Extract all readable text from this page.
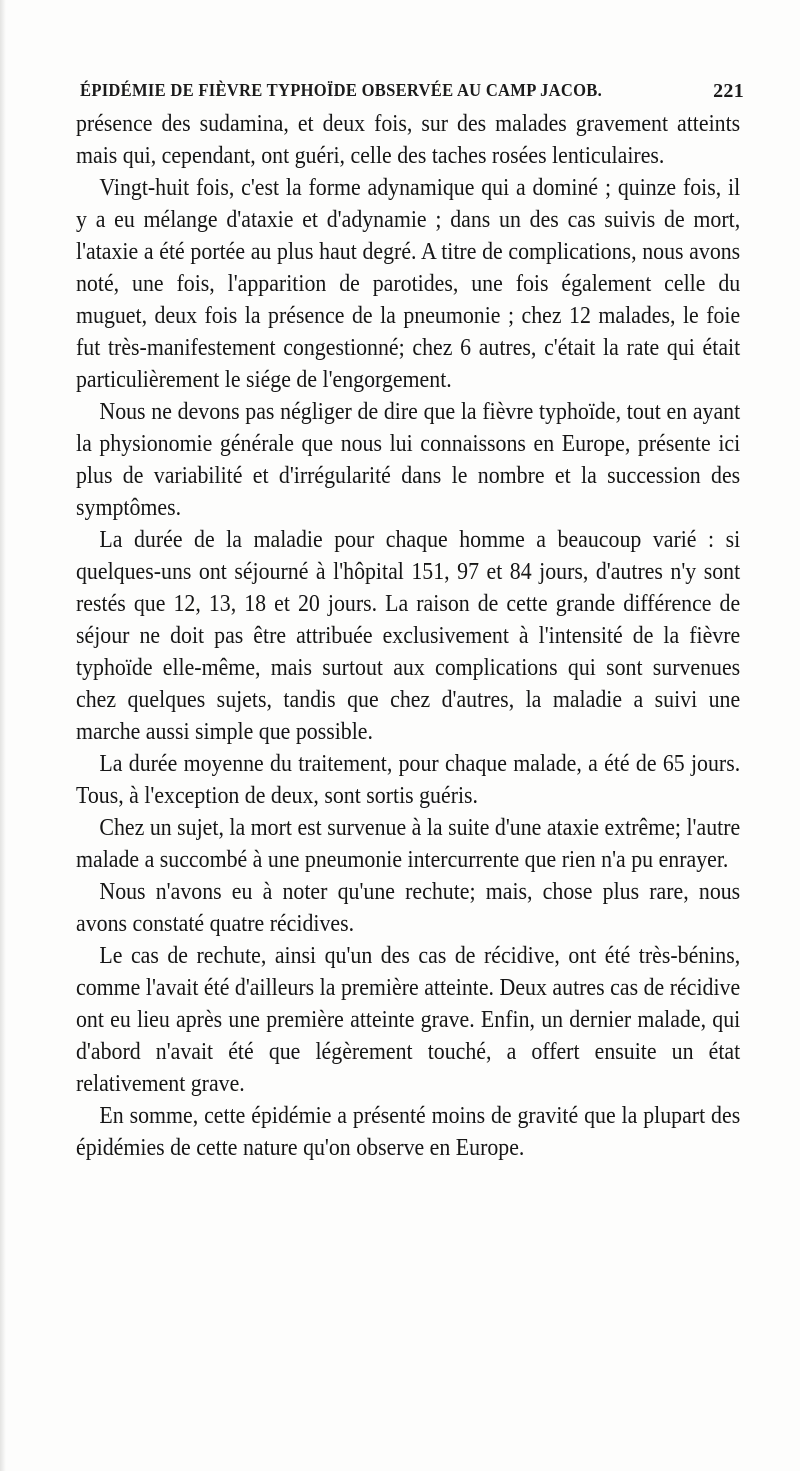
ÉPIDÉMIE DE FIÈVRE TYPHOÏDE OBSERVÉE AU CAMP JACOB.	221

présence des sudamina, et deux fois, sur des malades gravement atteints mais qui, cependant, ont guéri, celle des taches rosées lenticulaires.

Vingt-huit fois, c'est la forme adynamique qui a dominé ; quinze fois, il y a eu mélange d'ataxie et d'adynamie ; dans un des cas suivis de mort, l'ataxie a été portée au plus haut degré. A titre de complications, nous avons noté, une fois, l'apparition de parotides, une fois également celle du muguet, deux fois la présence de la pneumonie ; chez 12 malades, le foie fut très-manifestement congestionné; chez 6 autres, c'était la rate qui était particulièrement le siége de l'engorgement.

Nous ne devons pas négliger de dire que la fièvre typhoïde, tout en ayant la physionomie générale que nous lui connaissons en Europe, présente ici plus de variabilité et d'irrégularité dans le nombre et la succession des symptômes.

La durée de la maladie pour chaque homme a beaucoup varié : si quelques-uns ont séjourné à l'hôpital 151, 97 et 84 jours, d'autres n'y sont restés que 12, 13, 18 et 20 jours. La raison de cette grande différence de séjour ne doit pas être attribuée exclusivement à l'intensité de la fièvre typhoïde elle-même, mais surtout aux complications qui sont survenues chez quelques sujets, tandis que chez d'autres, la maladie a suivi une marche aussi simple que possible.

La durée moyenne du traitement, pour chaque malade, a été de 65 jours. Tous, à l'exception de deux, sont sortis guéris.

Chez un sujet, la mort est survenue à la suite d'une ataxie extrême; l'autre malade a succombé à une pneumonie intercurrente que rien n'a pu enrayer.

Nous n'avons eu à noter qu'une rechute; mais, chose plus rare, nous avons constaté quatre récidives.

Le cas de rechute, ainsi qu'un des cas de récidive, ont été très-bénins, comme l'avait été d'ailleurs la première atteinte. Deux autres cas de récidive ont eu lieu après une première atteinte grave. Enfin, un dernier malade, qui d'abord n'avait été que légèrement touché, a offert ensuite un état relativement grave.

En somme, cette épidémie a présenté moins de gravité que la plupart des épidémies de cette nature qu'on observe en Europe.
